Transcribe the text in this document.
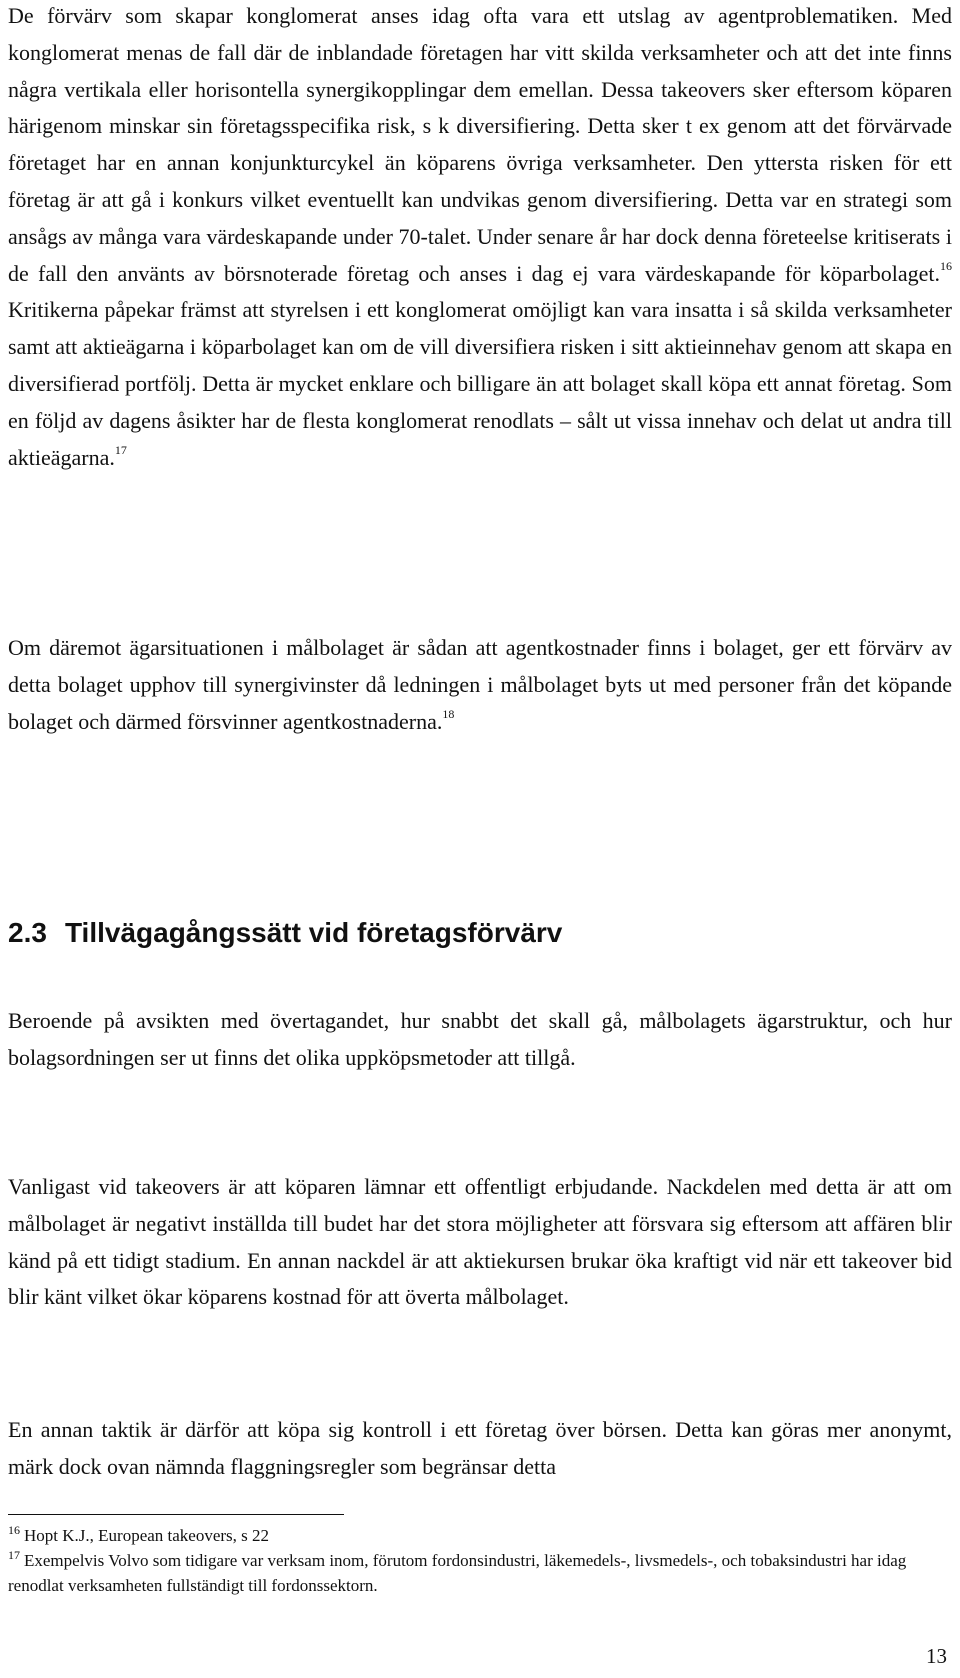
De förvärv som skapar konglomerat anses idag ofta vara ett utslag av agentproblematiken. Med konglomerat menas de fall där de inblandade företagen har vitt skilda verksamheter och att det inte finns några vertikala eller horisontella synergikopplingar dem emellan. Dessa takeovers sker eftersom köparen härigenom minskar sin företagsspecifika risk, s k diversifiering. Detta sker t ex genom att det förvärvade företaget har en annan konjunkturcykel än köparens övriga verksamheter. Den yttersta risken för ett företag är att gå i konkurs vilket eventuellt kan undvikas genom diversifiering. Detta var en strategi som ansågs av många vara värdeskapande under 70-talet. Under senare år har dock denna företeelse kritiserats i de fall den använts av börsnoterade företag och anses i dag ej vara värdeskapande för köparbolaget.$^{16}$ Kritikerna påpekar främst att styrelsen i ett konglomerat omöjligt kan vara insatta i så skilda verksamheter samt att aktieägarna i köparbolaget kan om de vill diversifiera risken i sitt aktieinnehav genom att skapa en diversifierad portfölj. Detta är mycket enklare och billigare än att bolaget skall köpa ett annat företag. Som en följd av dagens åsikter har de flesta konglomerat renodlats – sålt ut vissa innehav och delat ut andra till aktieägarna.$^{17}$

Om däremot ägarsituationen i målbolaget är sådan att agentkostnader finns i bolaget, ger ett förvärv av detta bolaget upphov till synergivinster då ledningen i målbolaget byts ut med personer från det köpande bolaget och därmed försvinner agentkostnaderna.$^{18}$

2.3 Tillvägagångssätt vid företagsförvärv

Beroende på avsikten med övertagandet, hur snabbt det skall gå, målbolagets ägarstruktur, och hur bolagsordningen ser ut finns det olika uppköpsmetoder att tillgå.

Vanligast vid takeovers är att köparen lämnar ett offentligt erbjudande. Nackdelen med detta är att om målbolaget är negativt inställda till budet har det stora möjligheter att försvara sig eftersom att affären blir känd på ett tidigt stadium. En annan nackdel är att aktiekursen brukar öka kraftigt vid när ett takeover bid blir känt vilket ökar köparens kostnad för att överta målbolaget.

En annan taktik är därför att köpa sig kontroll i ett företag över börsen. Detta kan göras mer anonymt, märk dock ovan nämnda flaggningsregler som begränsar detta

$^{16}$ Hopt K.J., European takeovers, s 22

$^{17}$ Exempelvis Volvo som tidigare var verksam inom, förutom fordonsindustri, läkemedels-, livsmedels-, och tobaksindustri har idag renodlat verksamheten fullständigt till fordonssektorn.

13
